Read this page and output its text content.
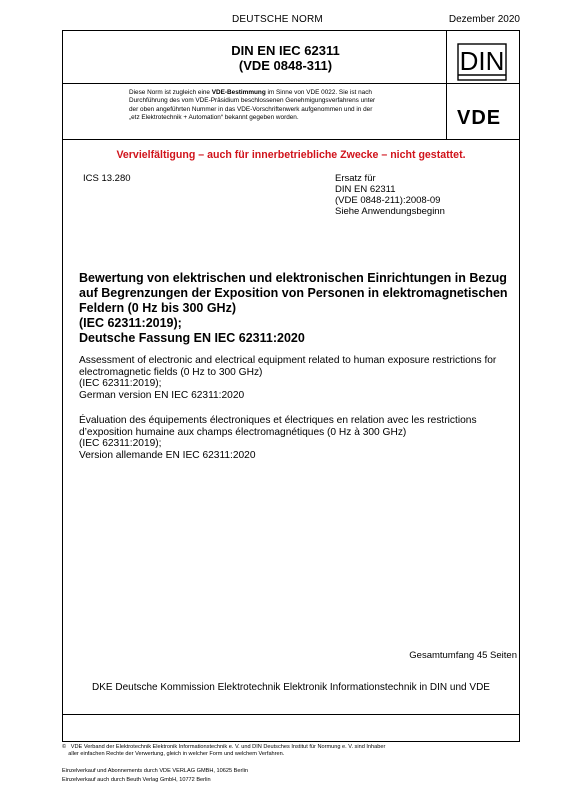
DEUTSCHE NORM	Dezember 2020
DIN EN IEC 62311
(VDE 0848-311)	DIN
Diese Norm ist zugleich eine VDE-Bestimmung im Sinne von VDE 0022. Sie ist nach
Durchführung des vom VDE-Präsidium beschlossenen Genehmigungsverfahrens unter
der oben angeführten Nummer in das VDE-Vorschriftenwerk aufgenommen und in der
„etz Elektrotechnik + Automation“ bekannt gegeben worden.	VDE
Vervielfältigung – auch für innerbetriebliche Zwecke – nicht gestattet.
ICS 13.280	Ersatz für
DIN EN 62311
(VDE 0848-211):2008-09
Siehe Anwendungsbeginn
Bewertung von elektrischen und elektronischen Einrichtungen in Bezug
auf Begrenzungen der Exposition von Personen in elektromagnetischen
Feldern (0 Hz bis 300 GHz)
(IEC 62311:2019);
Deutsche Fassung EN IEC 62311:2020
Assessment of electronic and electrical equipment related to human exposure restrictions for
electromagnetic fields (0 Hz to 300 GHz)
(IEC 62311:2019);
German version EN IEC 62311:2020
Évaluation des équipements électroniques et électriques en relation avec les restrictions
d’exposition humaine aux champs électromagnétiques (0 Hz à 300 GHz)
(IEC 62311:2019);
Version allemande EN IEC 62311:2020
Gesamtumfang 45 Seiten
DKE Deutsche Kommission Elektrotechnik Elektronik Informationstechnik in DIN und VDE
©   VDE Verband der Elektrotechnik Elektronik Informationstechnik e. V. und DIN Deutsches Institut für Normung e. V. sind Inhaber
aller einfachen Rechte der Verwertung, gleich in welcher Form und welchem Verfahren.
Einzelverkauf und Abonnements durch VDE VERLAG GMBH, 10625 Berlin
Einzelverkauf auch durch Beuth Verlag GmbH, 10772 Berlin
